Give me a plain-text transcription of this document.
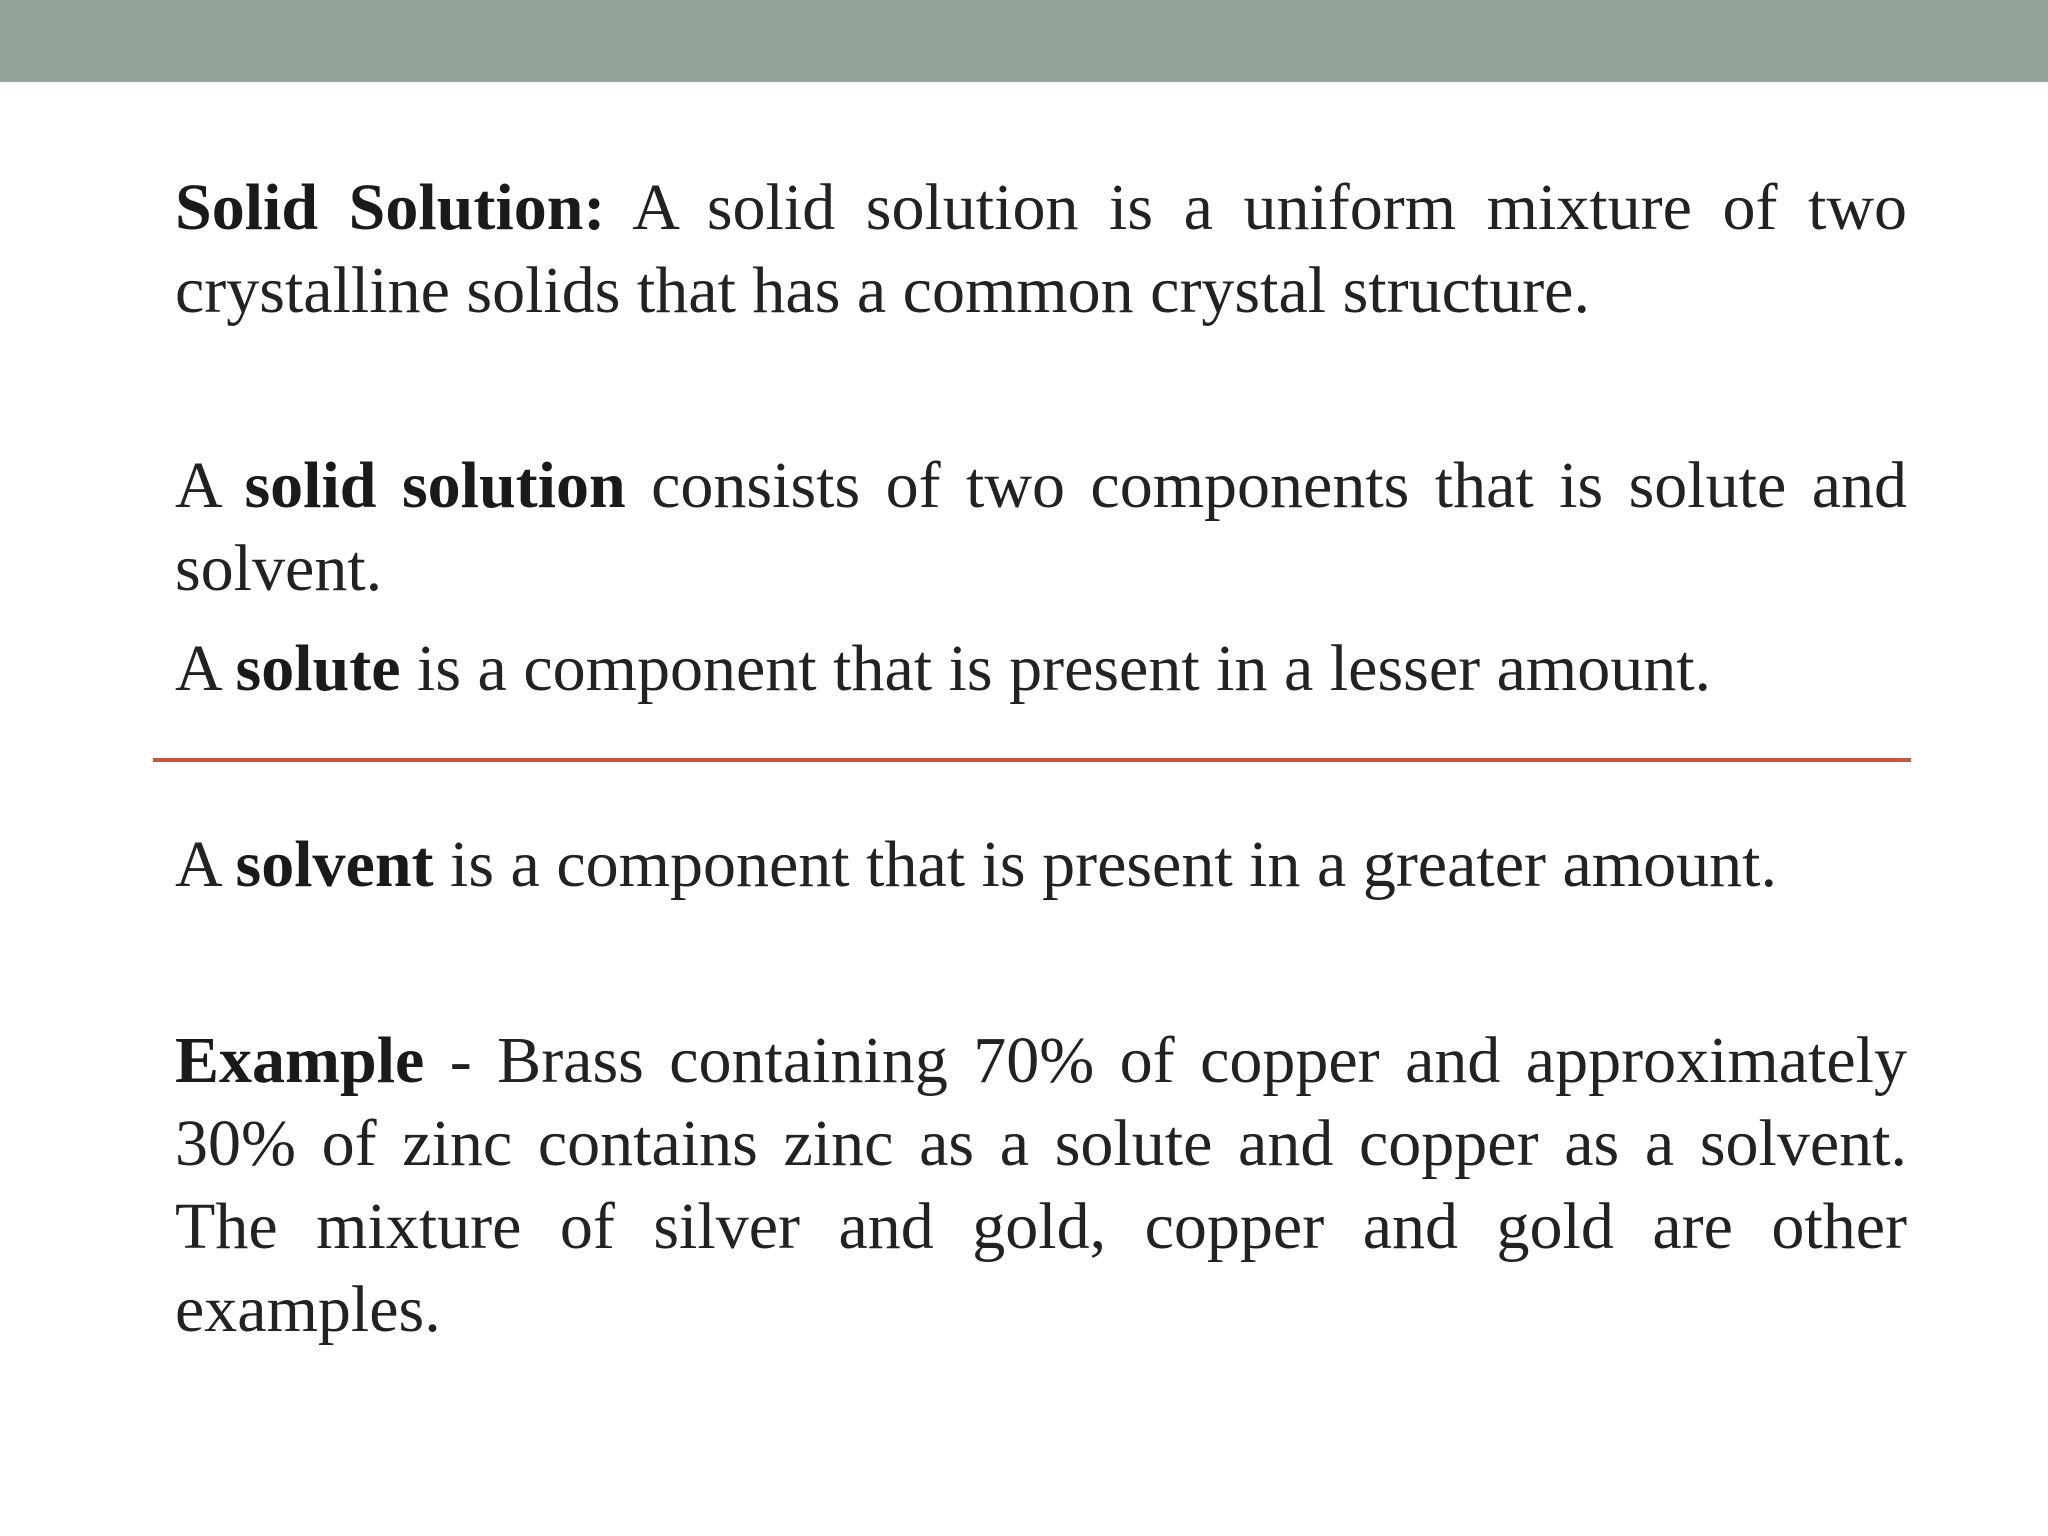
Solid Solution: A solid solution is a uniform mixture of two crystalline solids that has a common crystal structure.

A solid solution consists of two components that is solute and solvent.

A solute is a component that is present in a lesser amount.

A solvent is a component that is present in a greater amount.

Example - Brass containing 70% of copper and approximately 30% of zinc contains zinc as a solute and copper as a solvent. The mixture of silver and gold, copper and gold are other examples.
